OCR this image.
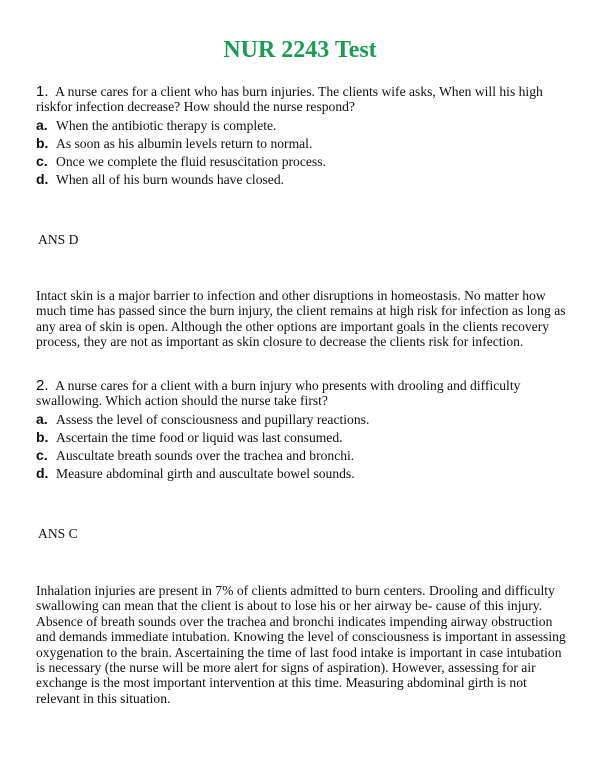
NUR 2243 Test
1. A nurse cares for a client who has burn injuries. The clients wife asks, When will his high riskfor infection decrease? How should the nurse respond?
a. When the antibiotic therapy is complete.
b. As soon as his albumin levels return to normal.
c. Once we complete the fluid resuscitation process.
d. When all of his burn wounds have closed.
ANS D
Intact skin is a major barrier to infection and other disruptions in homeostasis. No matter how much time has passed since the burn injury, the client remains at high risk for infection as long as any area of skin is open. Although the other options are important goals in the clients recovery process, they are not as important as skin closure to decrease the clients risk for infection.
2. A nurse cares for a client with a burn injury who presents with drooling and difficulty swallowing. Which action should the nurse take first?
a. Assess the level of consciousness and pupillary reactions.
b. Ascertain the time food or liquid was last consumed.
c. Auscultate breath sounds over the trachea and bronchi.
d. Measure abdominal girth and auscultate bowel sounds.
ANS C
Inhalation injuries are present in 7% of clients admitted to burn centers. Drooling and difficulty swallowing can mean that the client is about to lose his or her airway be- cause of this injury. Absence of breath sounds over the trachea and bronchi indicates impending airway obstruction and demands immediate intubation. Knowing the level of consciousness is important in assessing oxygenation to the brain. Ascertaining the time of last food intake is important in case intubation is necessary (the nurse will be more alert for signs of aspiration). However, assessing for air exchange is the most important intervention at this time. Measuring abdominal girth is not relevant in this situation.
